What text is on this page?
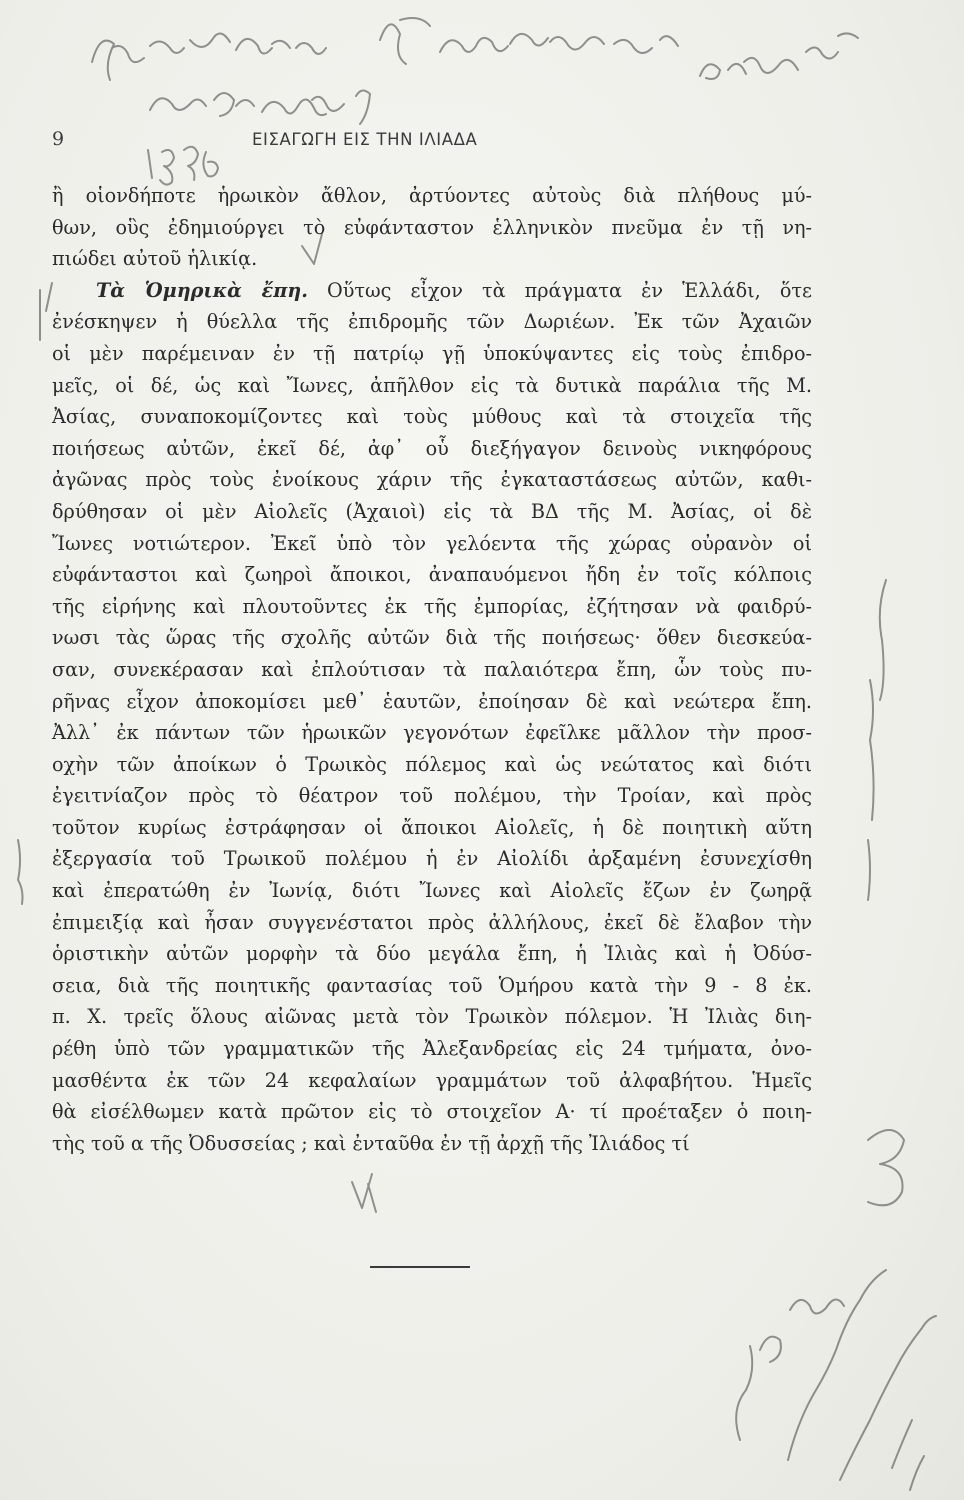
9	ΕΙΣΑΓΩΓΗ ΕΙΣ ΤΗΝ ΙΛΙΑΔΑ
ἢ οἱονδήποτε ἡρωικὸν ἄθλον, ἀρτύοντες αὐτοὺς διὰ πλήθους μύ-
θων, οὓς ἐδημιούργει τὸ εὐφάνταστον ἑλληνικὸν πνεῦμα ἐν τῇ νη-
πιώδει αὐτοῦ ἡλικίᾳ.
Τὰ Ὁμηρικὰ ἔπη. Οὕτως εἶχον τὰ πράγματα ἐν Ἑλλάδι, ὅτε
ἐνέσκηψεν ἡ θύελλα τῆς ἐπιδρομῆς τῶν Δωριέων. Ἐκ τῶν Ἀχαιῶν
οἱ μὲν παρέμειναν ἐν τῇ πατρίῳ γῇ ὑποκύψαντες εἰς τοὺς ἐπιδρο-
μεῖς, οἱ δέ, ὡς καὶ Ἴωνες, ἀπῆλθον εἰς τὰ δυτικὰ παράλια τῆς Μ.
Ἀσίας, συναποκομίζοντες καὶ τοὺς μύθους καὶ τὰ στοιχεῖα τῆς
ποιήσεως αὐτῶν, ἐκεῖ δέ, ἀφ᾽ οὗ διεξήγαγον δεινοὺς νικηφόρους
ἀγῶνας πρὸς τοὺς ἐνοίκους χάριν τῆς ἐγκαταστάσεως αὐτῶν, καθι-
δρύθησαν οἱ μὲν Αἰολεῖς (Ἀχαιοὶ) εἰς τὰ ΒΔ τῆς Μ. Ἀσίας, οἱ δὲ
Ἴωνες νοτιώτερον. Ἐκεῖ ὑπὸ τὸν γελόεντα τῆς χώρας οὐρανὸν οἱ
εὐφάνταστοι καὶ ζωηροὶ ἄποικοι, ἀναπαυόμενοι ἤδη ἐν τοῖς κόλποις
τῆς εἰρήνης καὶ πλουτοῦντες ἐκ τῆς ἐμπορίας, ἐζήτησαν νὰ φαιδρύ-
νωσι τὰς ὥρας τῆς σχολῆς αὐτῶν διὰ τῆς ποιήσεως· ὅθεν διεσκεύα-
σαν, συνεκέρασαν καὶ ἐπλούτισαν τὰ παλαιότερα ἔπη, ὧν τοὺς πυ-
ρῆνας εἶχον ἀποκομίσει μεθ᾽ ἑαυτῶν, ἐποίησαν δὲ καὶ νεώτερα ἔπη.
Ἀλλ᾽ ἐκ πάντων τῶν ἡρωικῶν γεγονότων ἐφεῖλκε μᾶλλον τὴν προσ-
οχὴν τῶν ἀποίκων ὁ Τρωικὸς πόλεμος καὶ ὡς νεώτατος καὶ διότι
ἐγειτνίαζον πρὸς τὸ θέατρον τοῦ πολέμου, τὴν Τροίαν, καὶ πρὸς
τοῦτον κυρίως ἐστράφησαν οἱ ἄποικοι Αἰολεῖς, ἡ δὲ ποιητικὴ αὕτη
ἐξεργασία τοῦ Τρωικοῦ πολέμου ἡ ἐν Αἰολίδι ἀρξαμένη ἐσυνεχίσθη
καὶ ἐπερατώθη ἐν Ἰωνίᾳ, διότι Ἴωνες καὶ Αἰολεῖς ἔζων ἐν ζωηρᾷ
ἐπιμειξίᾳ καὶ ἦσαν συγγενέστατοι πρὸς ἀλλήλους, ἐκεῖ δὲ ἔλαβον τὴν
ὁριστικὴν αὐτῶν μορφὴν τὰ δύο μεγάλα ἔπη, ἡ Ἰλιὰς καὶ ἡ Ὀδύσ-
σεια, διὰ τῆς ποιητικῆς φαντασίας τοῦ Ὁμήρου κατὰ τὴν 9 - 8 ἐκ.
π. Χ. τρεῖς ὅλους αἰῶνας μετὰ τὸν Τρωικὸν πόλεμον. Ἡ Ἰλιὰς διη-
ρέθη ὑπὸ τῶν γραμματικῶν τῆς Ἀλεξανδρείας εἰς 24 τμήματα, ὀνο-
μασθέντα ἐκ τῶν 24 κεφαλαίων γραμμάτων τοῦ ἀλφαβήτου. Ἡμεῖς
θὰ εἰσέλθωμεν κατὰ πρῶτον εἰς τὸ στοιχεῖον Α· τί προέταξεν ὁ ποιη-
τὴς τοῦ α τῆς Ὀδυσσείας ; καὶ ἐνταῦθα ἐν τῇ ἀρχῇ τῆς Ἰλιάδος τί
